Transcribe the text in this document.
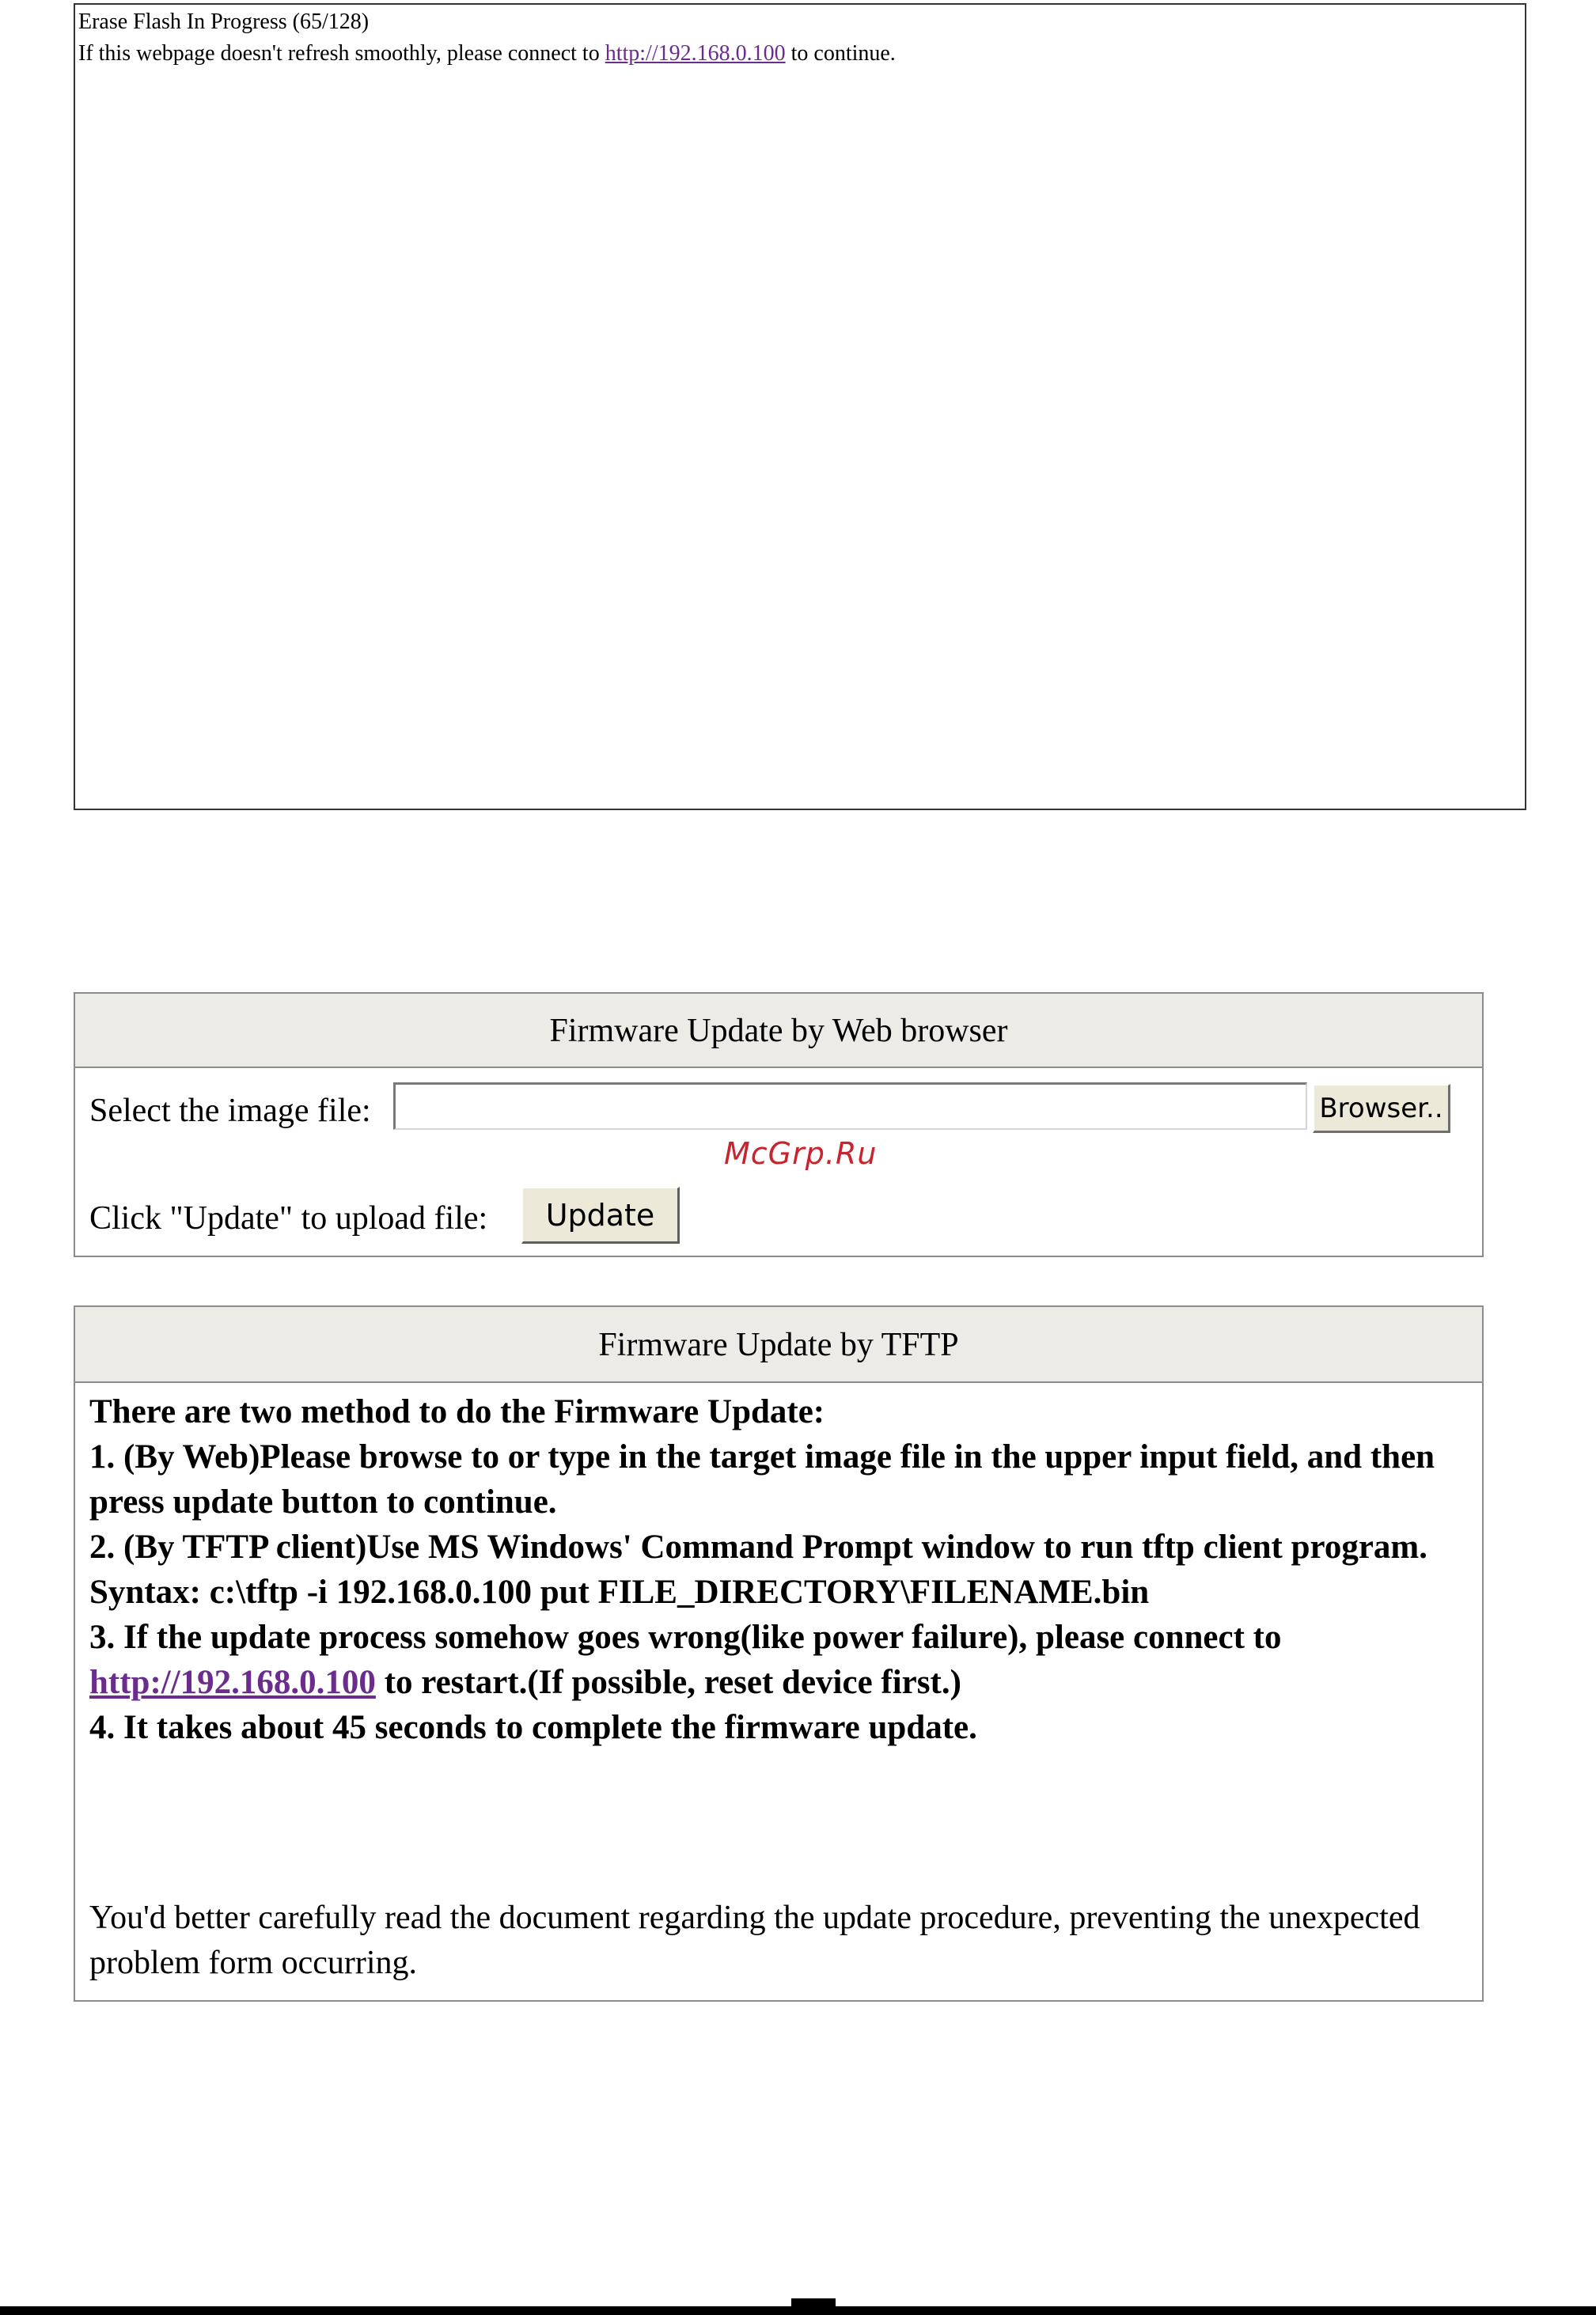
Erase Flash In Progress (65/128)
If this webpage doesn't refresh smoothly, please connect to http://192.168.0.100 to continue.
Firmware Update by Web browser
Select the image file:	Browser..
Click "Update" to upload file:	Update
McGrp.Ru
Firmware Update by TFTP

There are two method to do the Firmware Update:

1. (By Web)Please browse to or type in the target image file in the upper input field, and then press update button to continue.

2. (By TFTP client)Use MS Windows' Command Prompt window to run tftp client program.

Syntax: c:\tftp -i 192.168.0.100 put FILE_DIRECTORY\FILENAME.bin

3. If the update process somehow goes wrong(like power failure), please connect to http://192.168.0.100 to restart.(If possible, reset device first.)

4. It takes about 45 seconds to complete the firmware update.

You'd better carefully read the document regarding the update procedure, preventing the unexpected problem form occurring.
